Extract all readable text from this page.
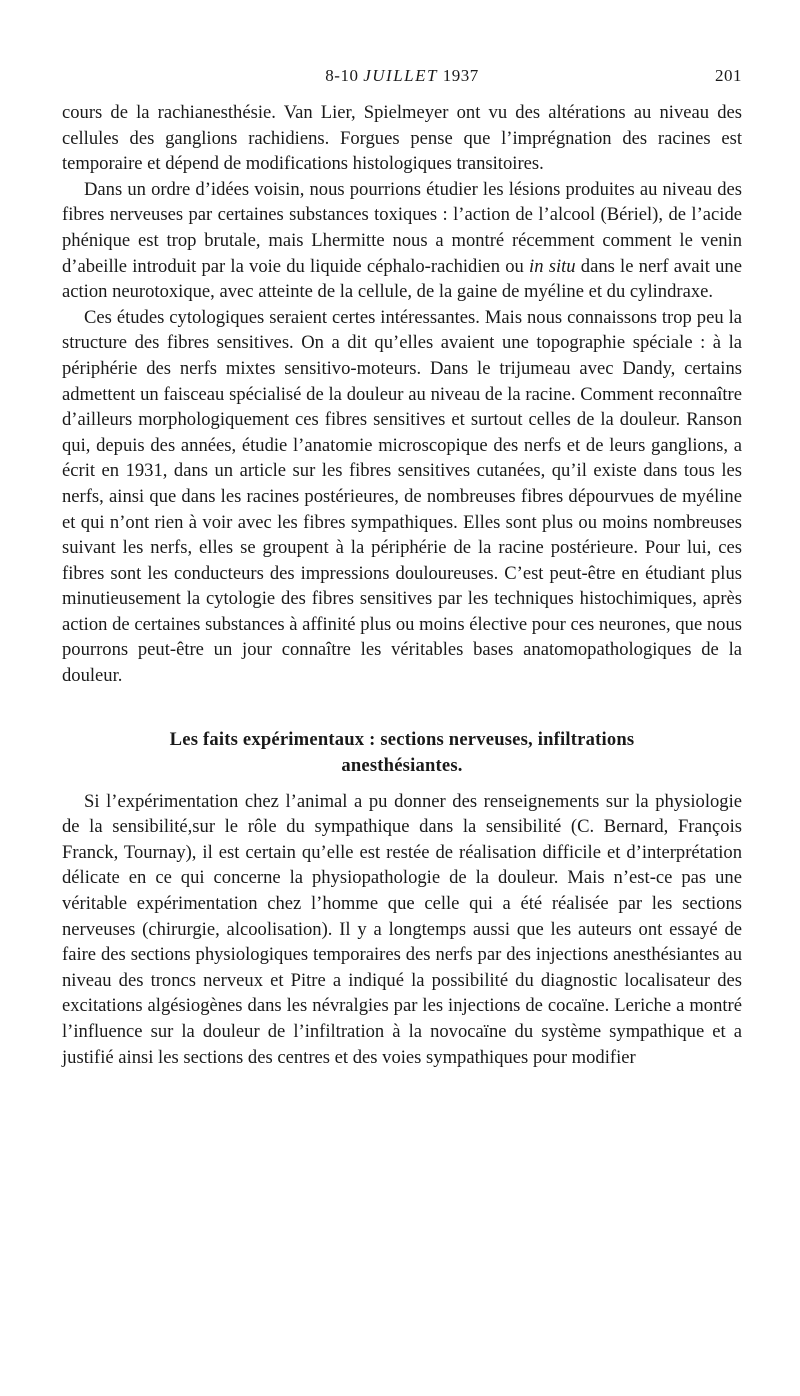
8-10 JUILLET 1937	201

cours de la rachianesthésie. Van Lier, Spielmeyer ont vu des altérations au niveau des cellules des ganglions rachidiens. Forgues pense que l’imprégnation des racines est temporaire et dépend de modifications histologiques transitoires.

Dans un ordre d’idées voisin, nous pourrions étudier les lésions produites au niveau des fibres nerveuses par certaines substances toxiques : l’action de l’alcool (Bériel), de l’acide phénique est trop brutale, mais Lhermitte nous a montré récemment comment le venin d’abeille introduit par la voie du liquide céphalo-rachidien ou in situ dans le nerf avait une action neurotoxique, avec atteinte de la cellule, de la gaine de myéline et du cylindraxe.

Ces études cytologiques seraient certes intéressantes. Mais nous connaissons trop peu la structure des fibres sensitives. On a dit qu’elles avaient une topographie spéciale : à la périphérie des nerfs mixtes sensitivo-moteurs. Dans le trijumeau avec Dandy, certains admettent un faisceau spécialisé de la douleur au niveau de la racine. Comment reconnaître d’ailleurs morphologiquement ces fibres sensitives et surtout celles de la douleur. Ranson qui, depuis des années, étudie l’anatomie microscopique des nerfs et de leurs ganglions, a écrit en 1931, dans un article sur les fibres sensitives cutanées, qu’il existe dans tous les nerfs, ainsi que dans les racines postérieures, de nombreuses fibres dépourvues de myéline et qui n’ont rien à voir avec les fibres sympathiques. Elles sont plus ou moins nombreuses suivant les nerfs, elles se groupent à la périphérie de la racine postérieure. Pour lui, ces fibres sont les conducteurs des impressions douloureuses. C’est peut-être en étudiant plus minutieusement la cytologie des fibres sensitives par les techniques histochimiques, après action de certaines substances à affinité plus ou moins élective pour ces neurones, que nous pourrons peut-être un jour connaître les véritables bases anatomopathologiques de la douleur.

Les faits expérimentaux : sections nerveuses, infiltrations
anesthésiantes.

Si l’expérimentation chez l’animal a pu donner des renseignements sur la physiologie de la sensibilité,sur le rôle du sympathique dans la sensibilité (C. Bernard, François Franck, Tournay), il est certain qu’elle est restée de réalisation difficile et d’interprétation délicate en ce qui concerne la physiopathologie de la douleur. Mais n’est-ce pas une véritable expérimentation chez l’homme que celle qui a été réalisée par les sections nerveuses (chirurgie, alcoolisation). Il y a longtemps aussi que les auteurs ont essayé de faire des sections physiologiques temporaires des nerfs par des injections anesthésiantes au niveau des troncs nerveux et Pitre a indiqué la possibilité du diagnostic localisateur des excitations algésiogènes dans les névralgies par les injections de cocaïne. Leriche a montré l’influence sur la douleur de l’infiltration à la novocaïne du système sympathique et a justifié ainsi les sections des centres et des voies sympathiques pour modifier
